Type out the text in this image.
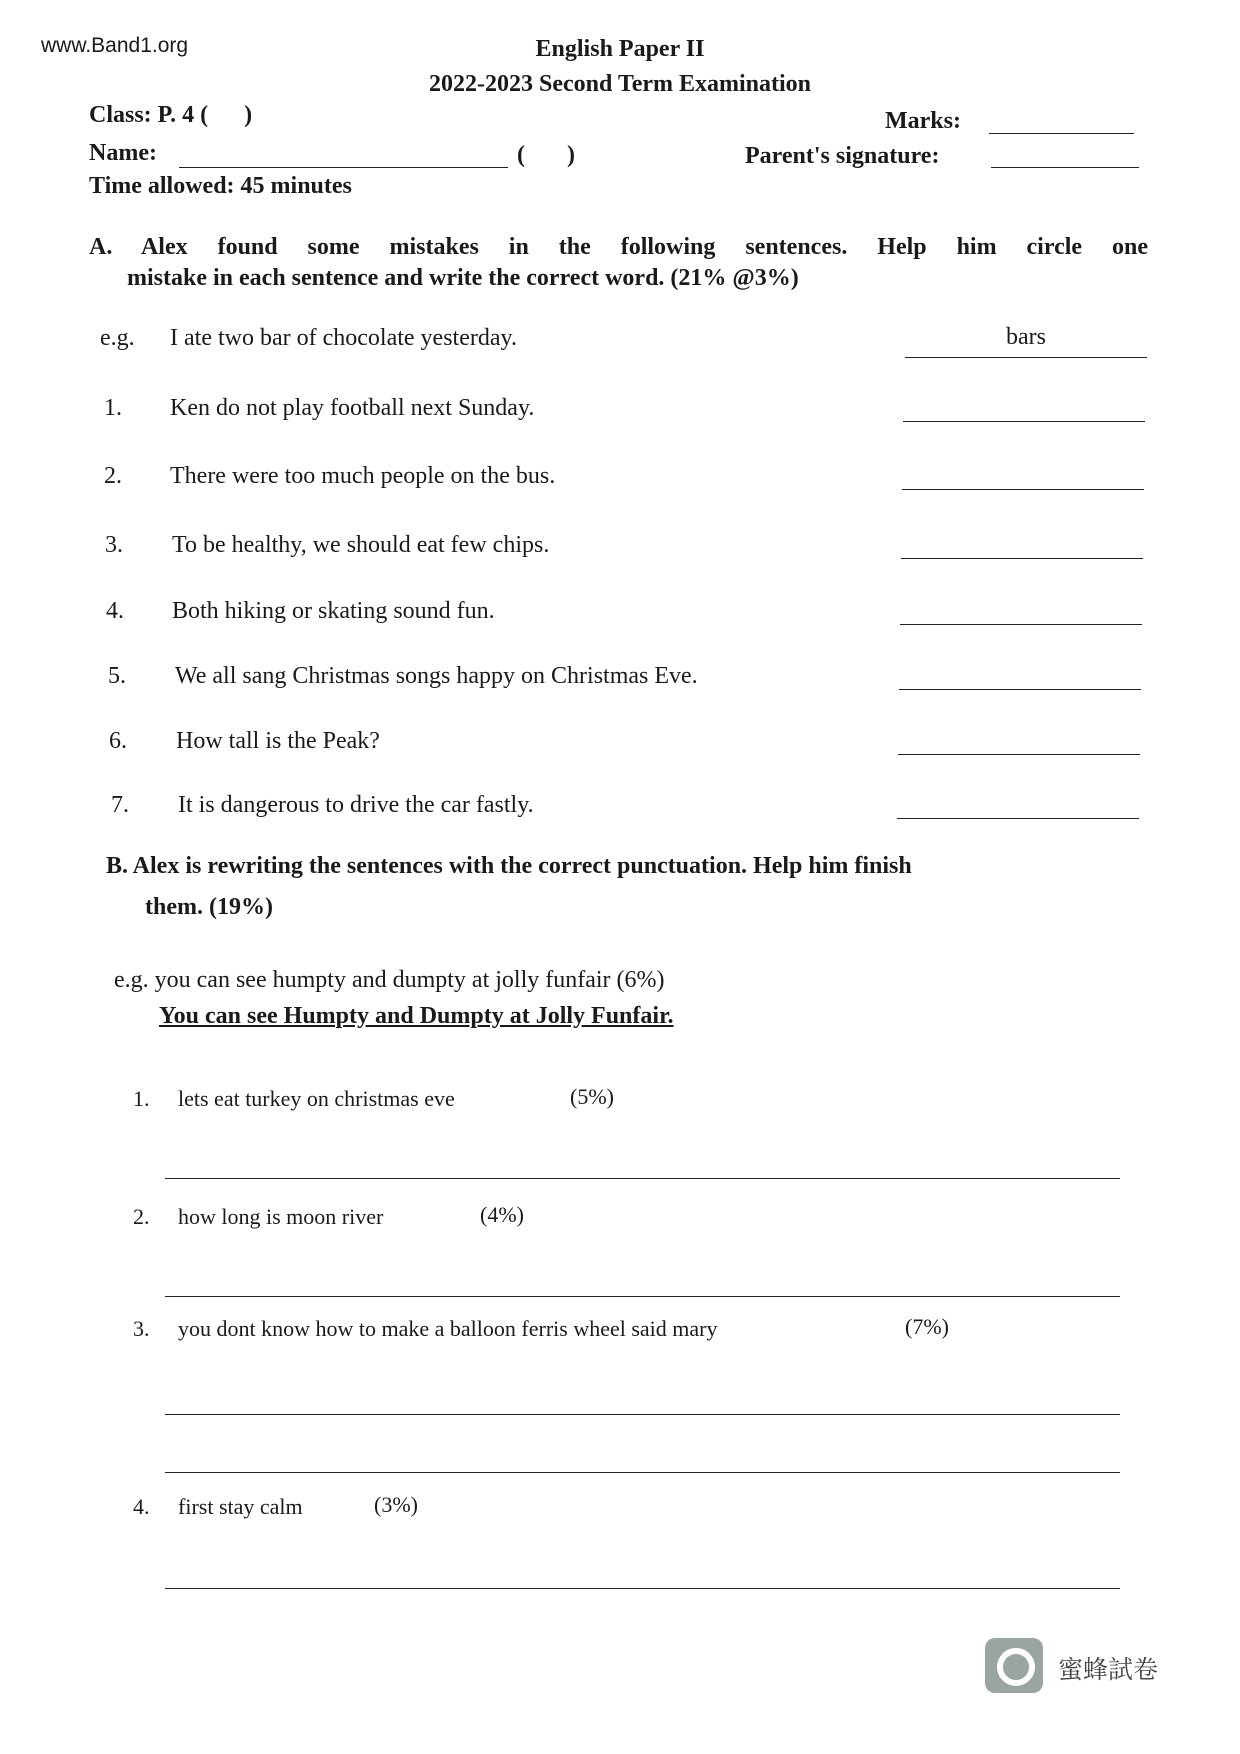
www.Band1.org	English Paper II
2022-2023 Second Term Examination
Class: P. 4 (      )	Marks:
Name:	(       )	Parent's signature:
Time allowed: 45 minutes
A. Alex found some mistakes in the following sentences. Help him circle one
mistake in each sentence and write the correct word. (21% @3%)
e.g. I ate two bar of chocolate yesterday.	bars
1. Ken do not play football next Sunday.
2. There were too much people on the bus.
3. To be healthy, we should eat few chips.
4. Both hiking or skating sound fun.
5. We all sang Christmas songs happy on Christmas Eve.
6. How tall is the Peak?
7. It is dangerous to drive the car fastly.
B. Alex is rewriting the sentences with the correct punctuation. Help him finish
them. (19%)
e.g. you can see humpty and dumpty at jolly funfair (6%)
You can see Humpty and Dumpty at Jolly Funfair.
1. lets eat turkey on christmas eve	(5%)
2. how long is moon river	(4%)
3. you dont know how to make a balloon ferris wheel said mary	(7%)
4. first stay calm	(3%)
蜜蜂試卷
